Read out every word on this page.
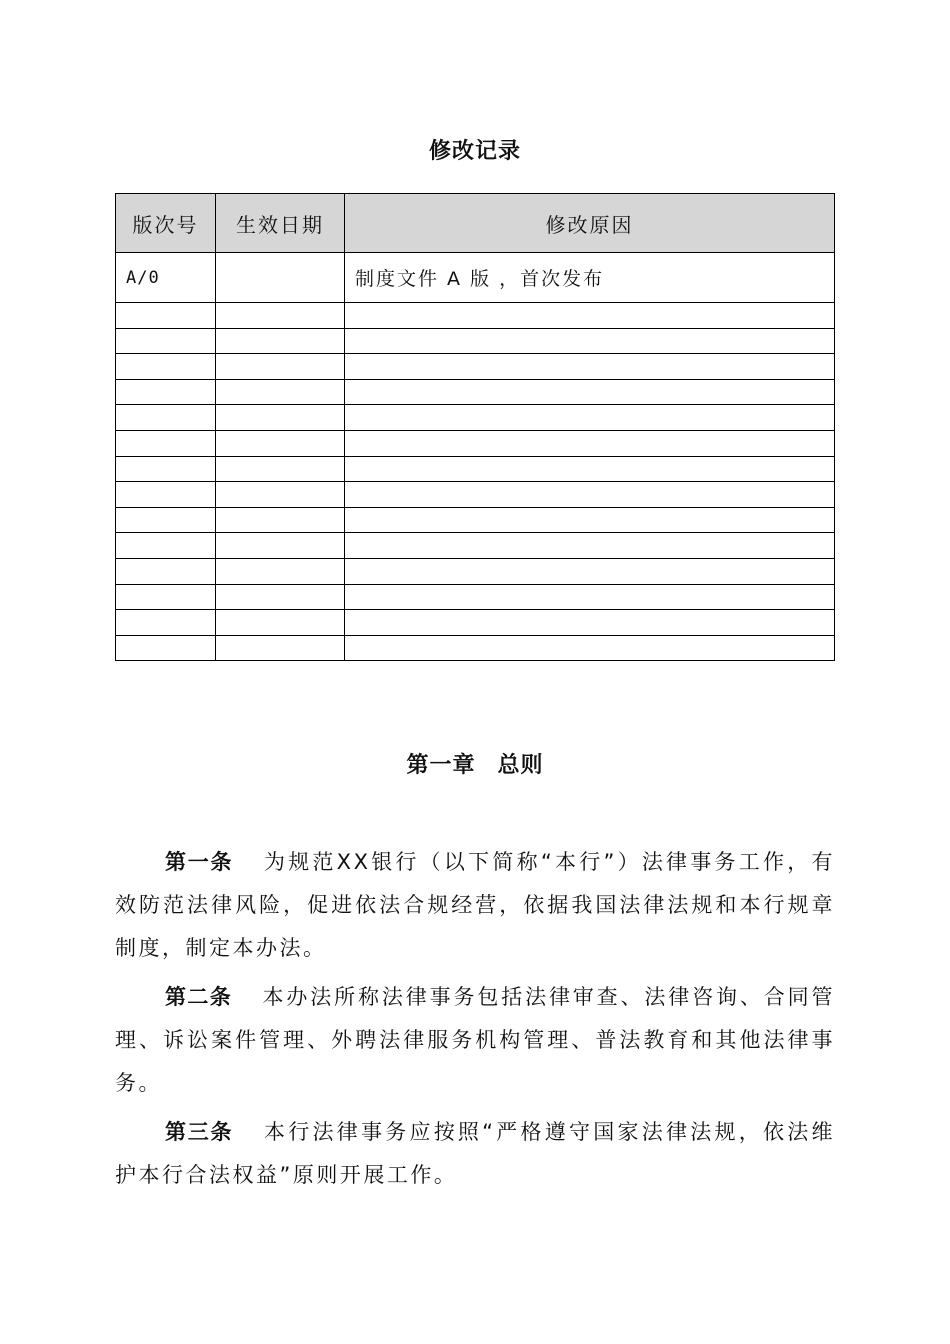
修改记录
版次号	生效日期	修改原因
A/0		制度文件 A 版 ，首次发布

第一章 总则

第一条 为规范XX银行（以下简称“本行”）法律事务工作，有效防范法律风险，促进依法合规经营，依据我国法律法规和本行规章制度，制定本办法。

第二条 本办法所称法律事务包括法律审查、法律咨询、合同管理、诉讼案件管理、外聘法律服务机构管理、普法教育和其他法律事务。

第三条 本行法律事务应按照“严格遵守国家法律法规，依法维护本行合法权益”原则开展工作。
